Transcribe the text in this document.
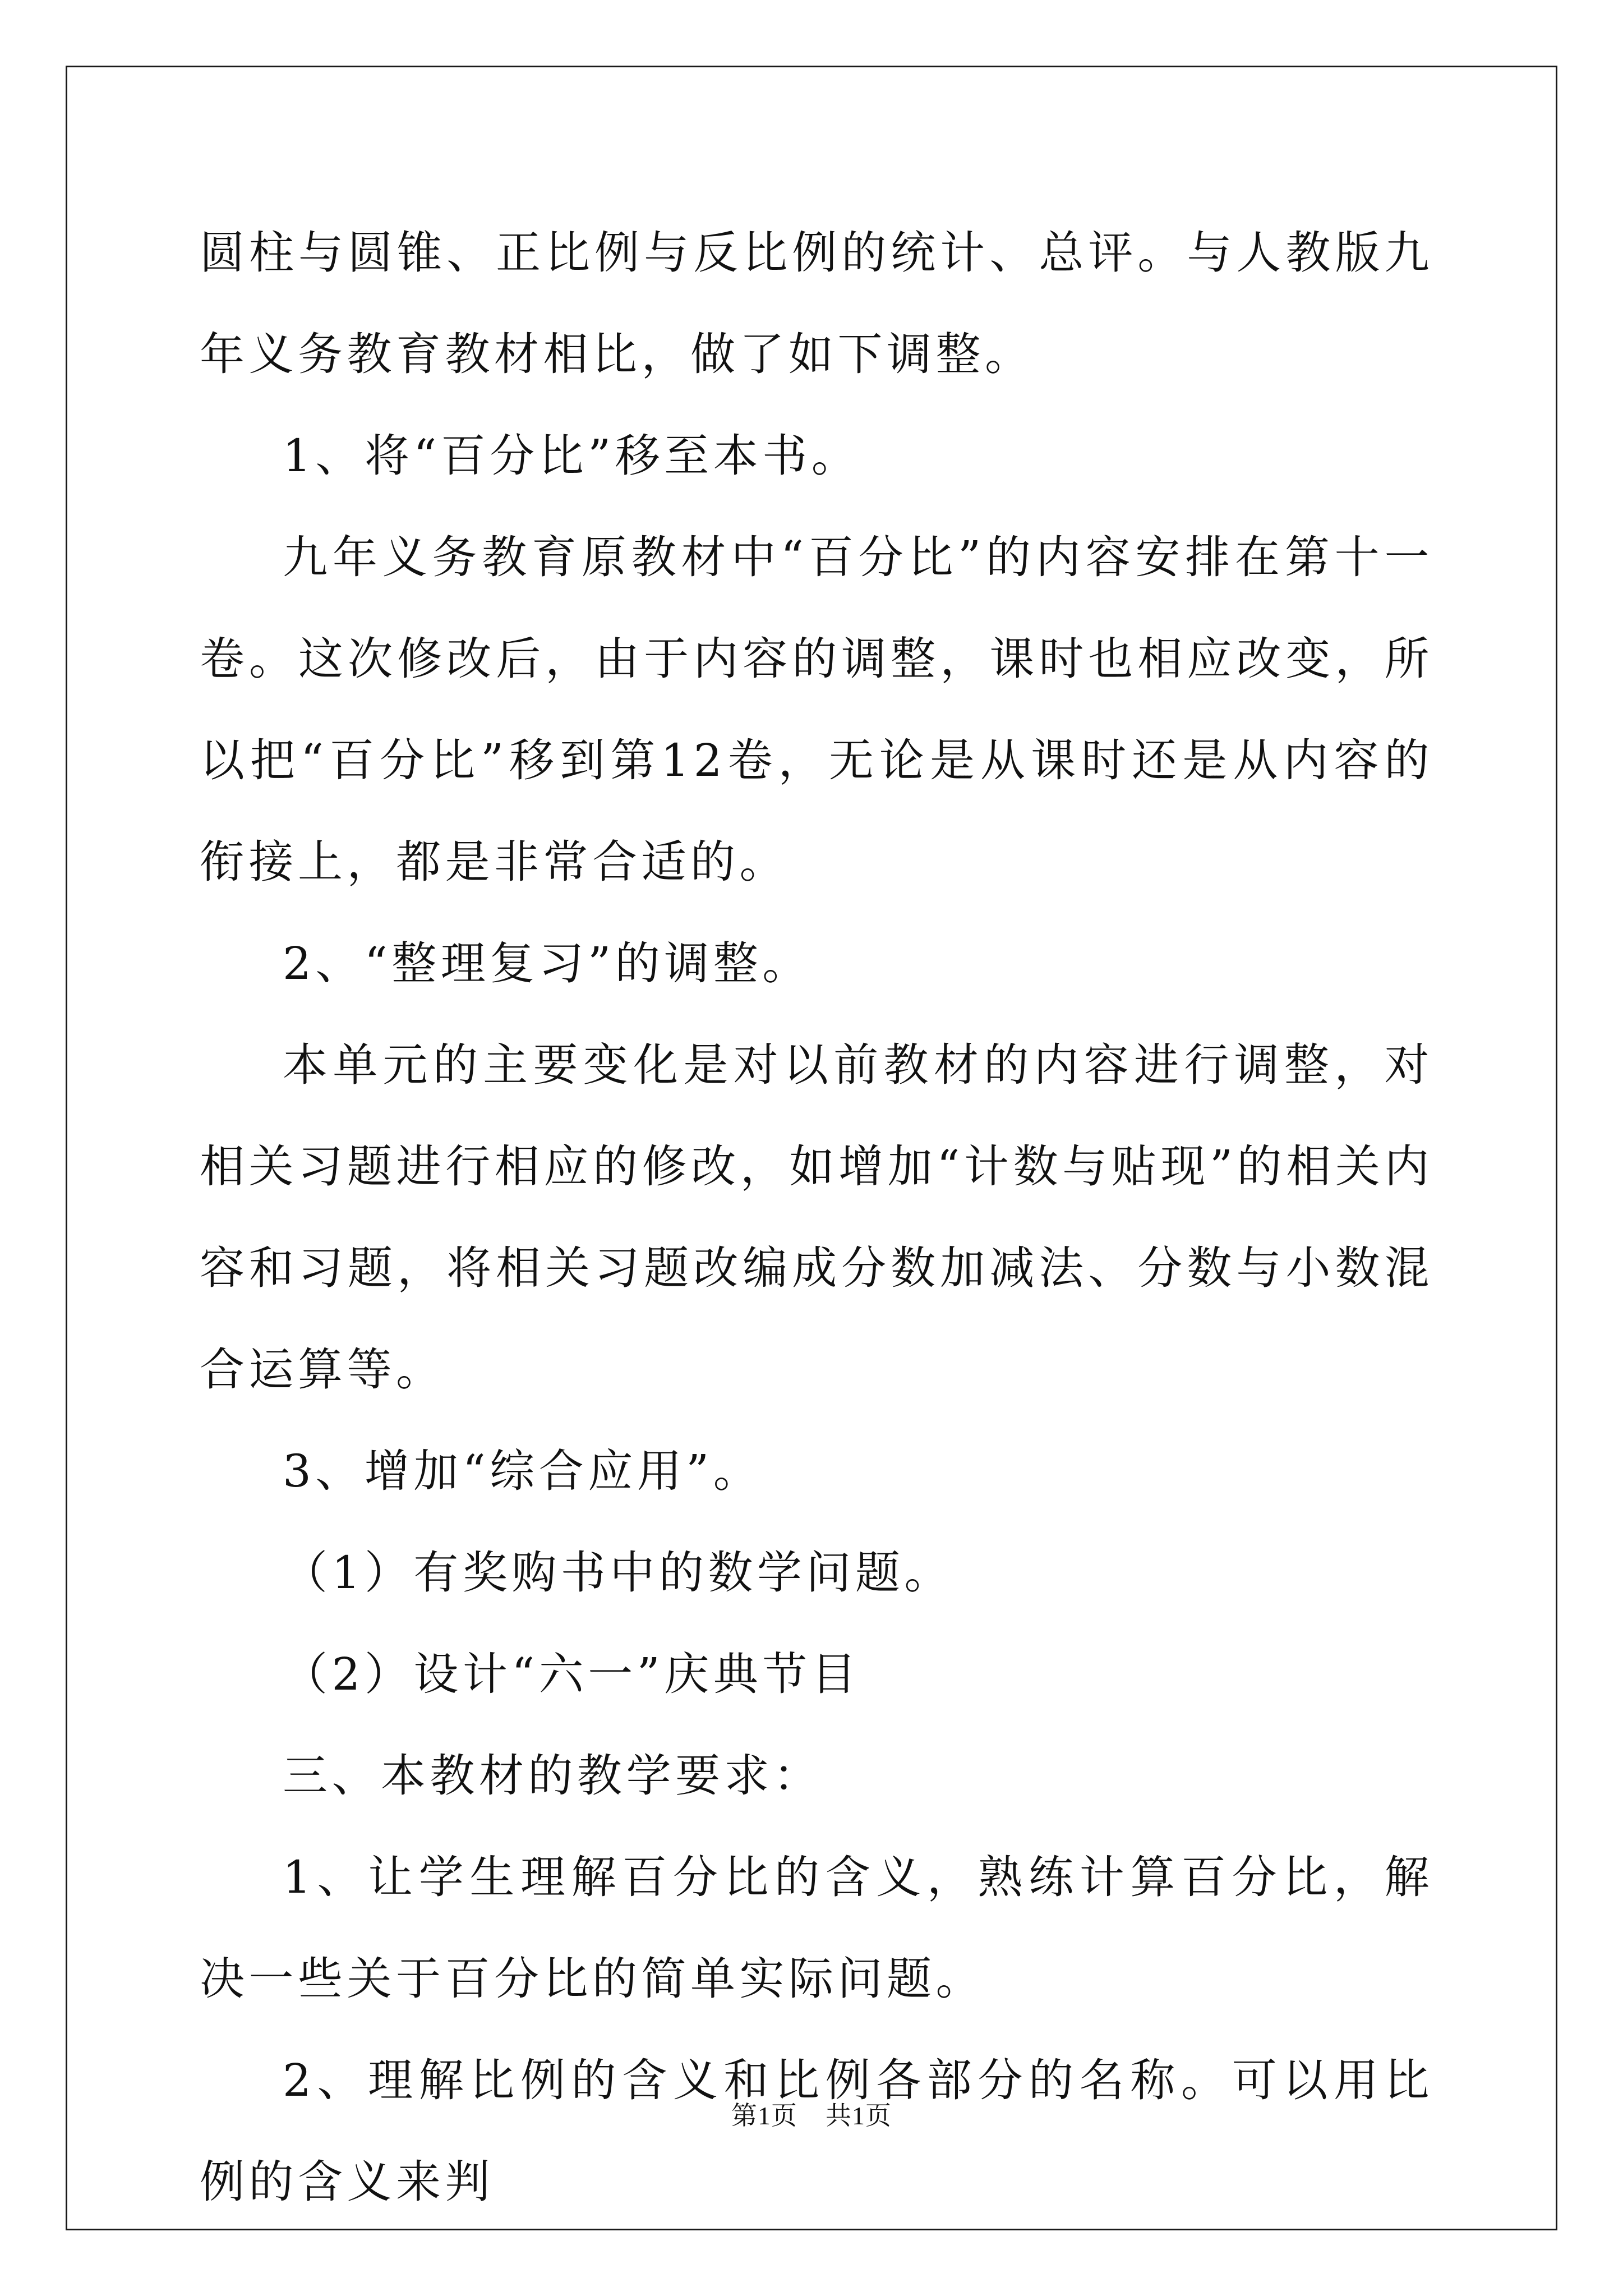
圆柱与圆锥、正比例与反比例的统计、总评。与人教版九年义务教育教材相比，做了如下调整。

1、将“百分比”移至本书。

九年义务教育原教材中“百分比”的内容安排在第十一卷。这次修改后，由于内容的调整，课时也相应改变，所以把“百分比”移到第12卷，无论是从课时还是从内容的衔接上，都是非常合适的。

2、“整理复习”的调整。

本单元的主要变化是对以前教材的内容进行调整，对相关习题进行相应的修改，如增加“计数与贴现”的相关内容和习题，将相关习题改编成分数加减法、分数与小数混合运算等。

3、增加“综合应用”。

（1）有奖购书中的数学问题。

（2）设计“六一”庆典节目

三、本教材的教学要求：

1、让学生理解百分比的含义，熟练计算百分比，解决一些关于百分比的简单实际问题。

2、理解比例的含义和比例各部分的名称。可以用比例的含义来判

第1页 共1页
